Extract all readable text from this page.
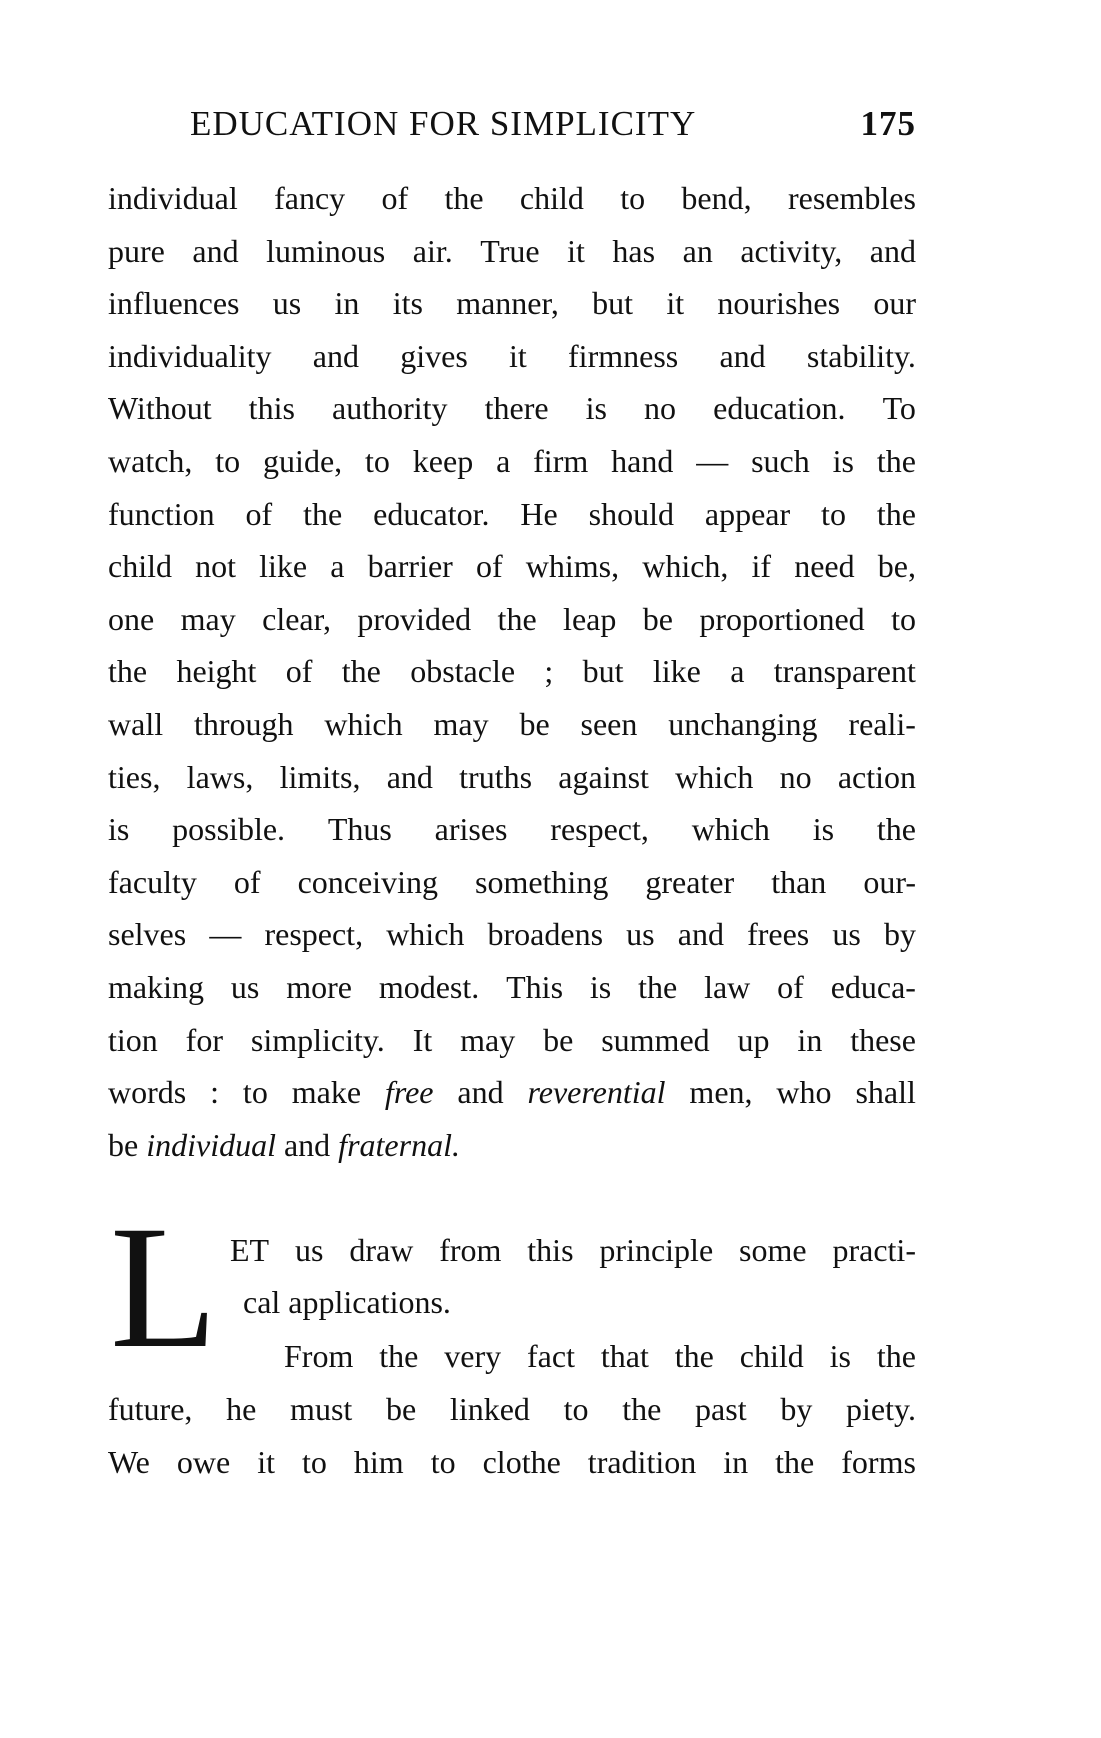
EDUCATION FOR SIMPLICITY	175
individual fancy of the child to bend, resembles
pure and luminous air. True it has an activity, and
influences us in its manner, but it nourishes our
individuality and gives it firmness and stability.
Without this authority there is no education. To
watch, to guide, to keep a firm hand — such is the
function of the educator. He should appear to the
child not like a barrier of whims, which, if need be,
one may clear, provided the leap be proportioned to
the height of the obstacle ; but like a transparent
wall through which may be seen unchanging reali-
ties, laws, limits, and truths against which no action
is possible. Thus arises respect, which is the
faculty of conceiving something greater than our-
selves — respect, which broadens us and frees us by
making us more modest. This is the law of educa-
tion for simplicity. It may be summed up in these
words : to make free and reverential men, who shall
be individual and fraternal.
L ET us draw from this principle some practi-
cal applications.
From the very fact that the child is the
future, he must be linked to the past by piety.
We owe it to him to clothe tradition in the forms
